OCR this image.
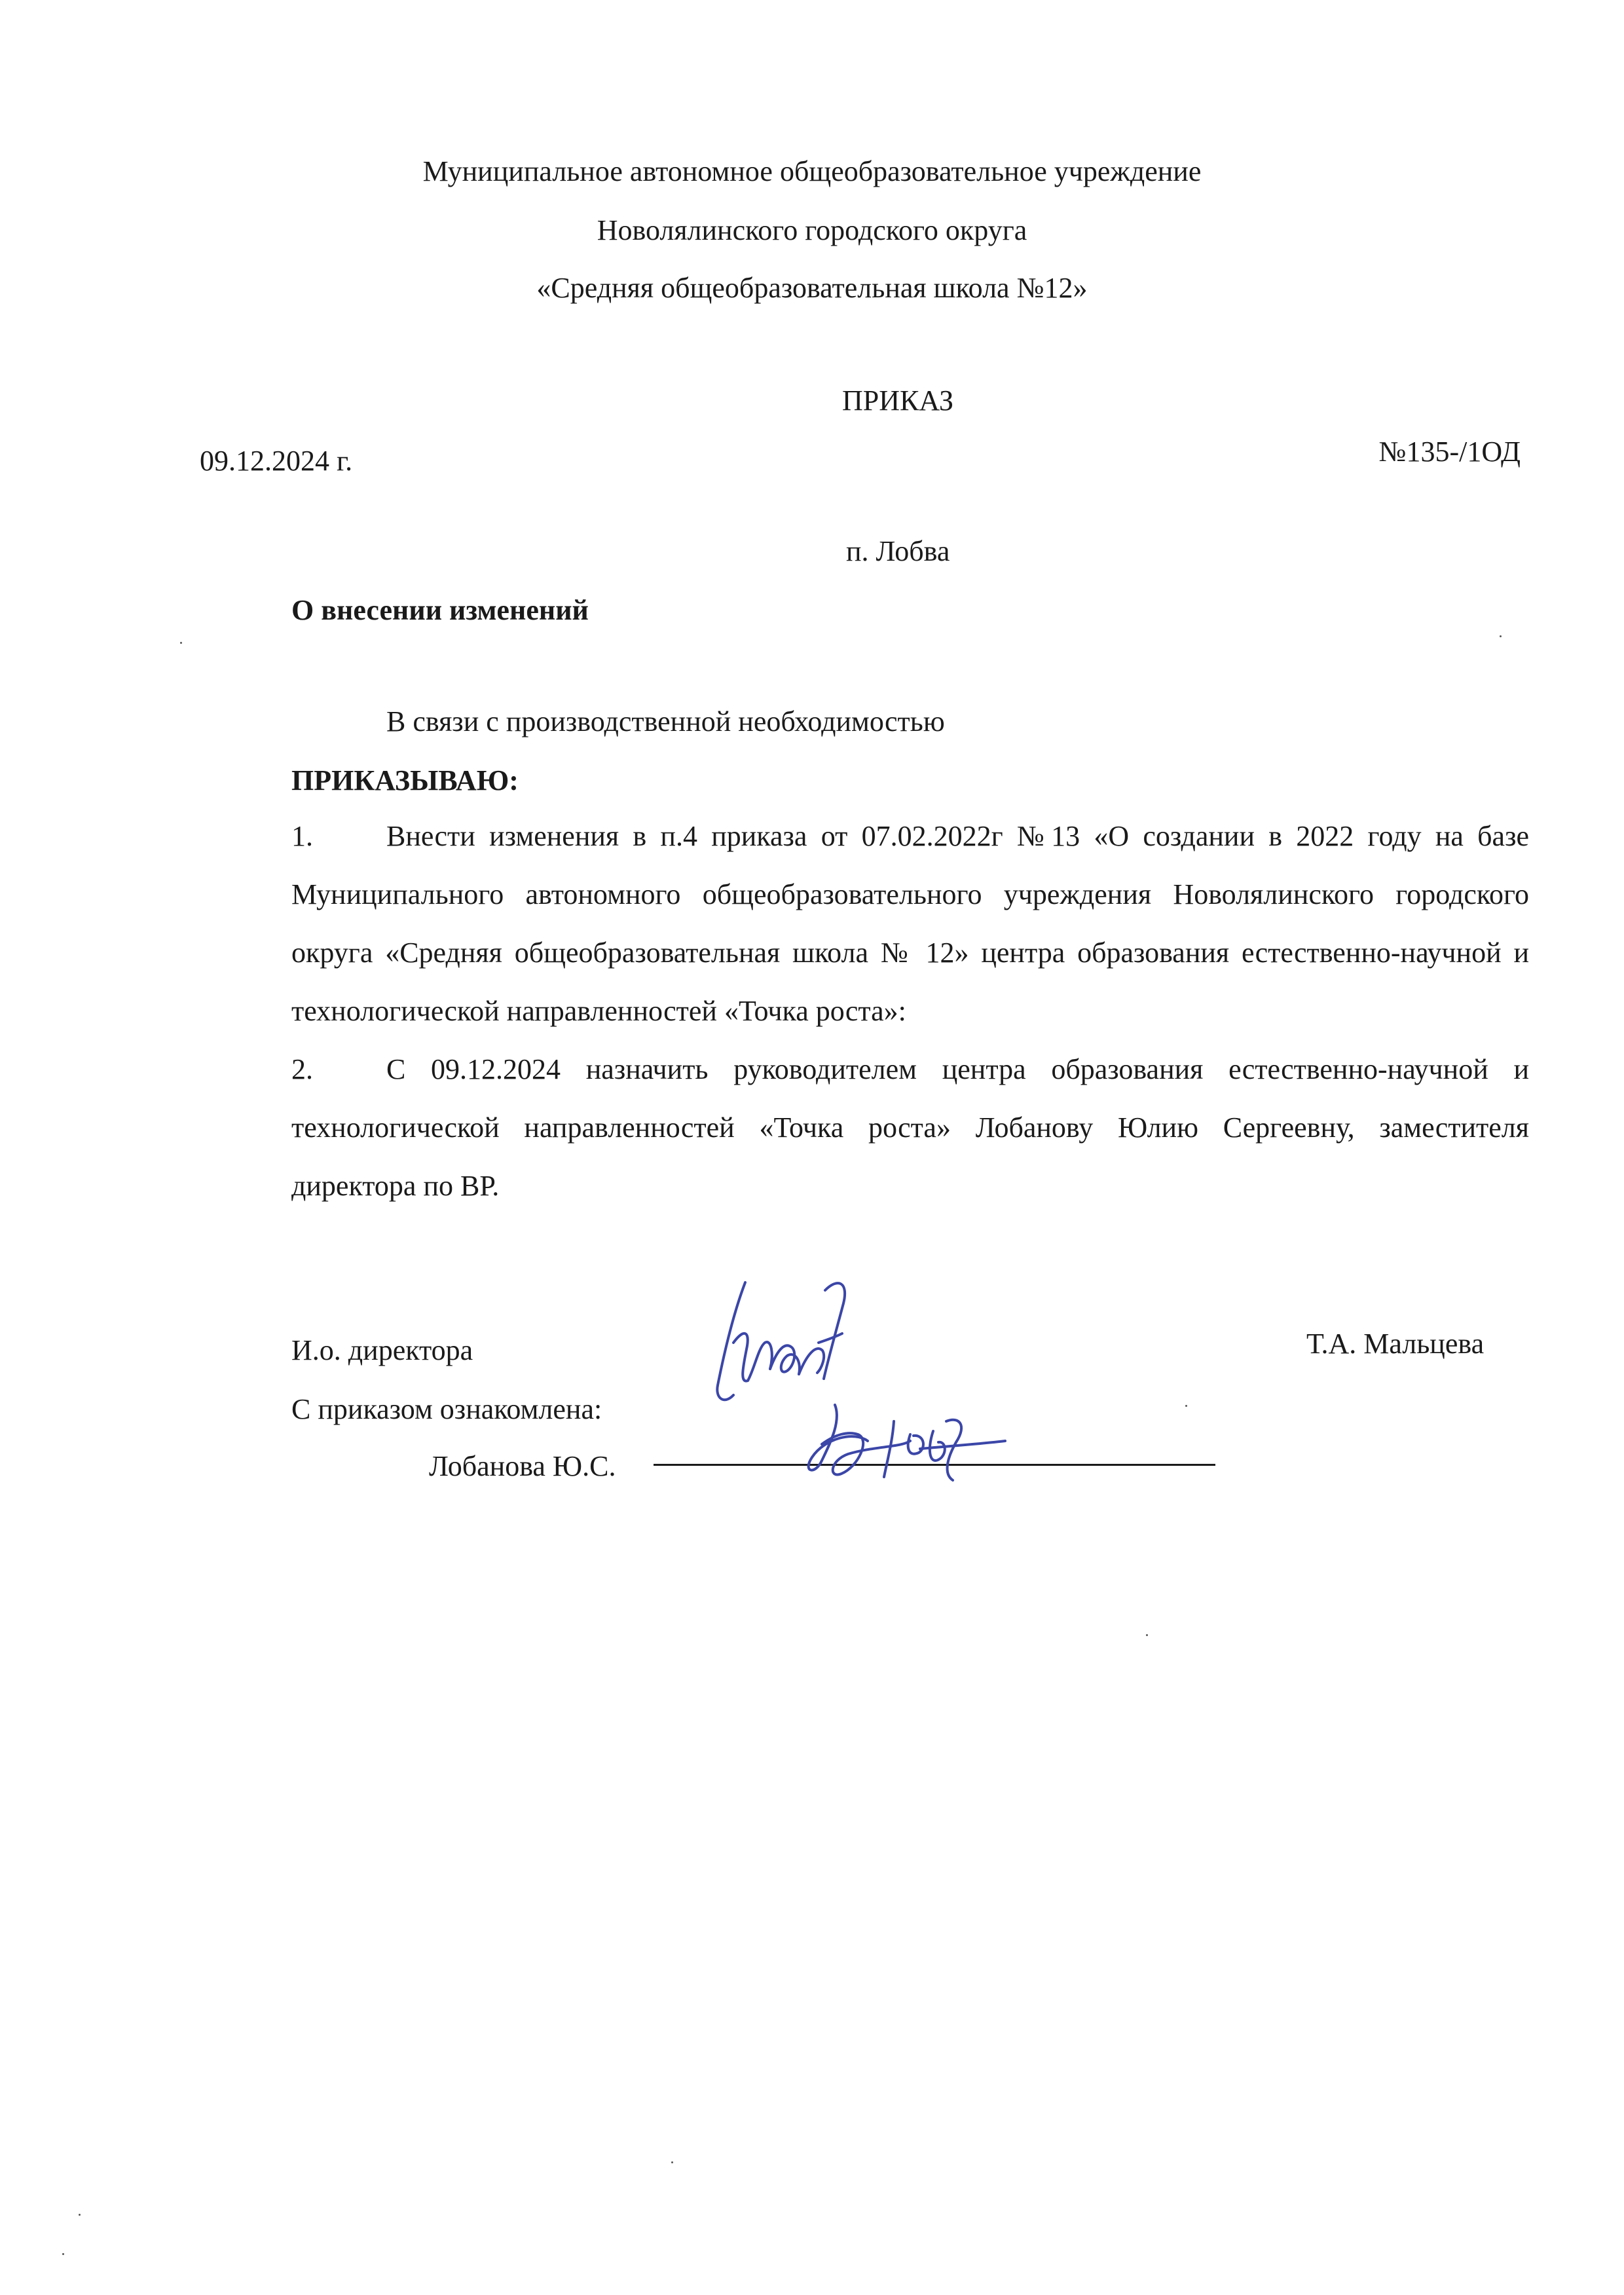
Муниципальное автономное общеобразовательное учреждение
Новолялинского городского округа
«Средняя общеобразовательная школа №12»
ПРИКАЗ
09.12.2024 г.	№135-/1ОД
п. Лобва
О внесении изменений
В связи с производственной необходимостью
ПРИКАЗЫВАЮ:
1.	Внести изменения в п.4 приказа от 07.02.2022г №13 «О создании в 2022 году на базе Муниципального автономного общеобразовательного учреждения Новолялинского городского округа «Средняя общеобразовательная школа № 12» центра образования естественно-научной и технологической направленностей «Точка роста»:
2.	С 09.12.2024 назначить руководителем центра образования естественно-научной и технологической направленностей «Точка роста» Лобанову Юлию Сергеевну, заместителя директора по ВР.
И.о. директора	Т.А. Мальцева
С приказом ознакомлена:
Лобанова Ю.С.
